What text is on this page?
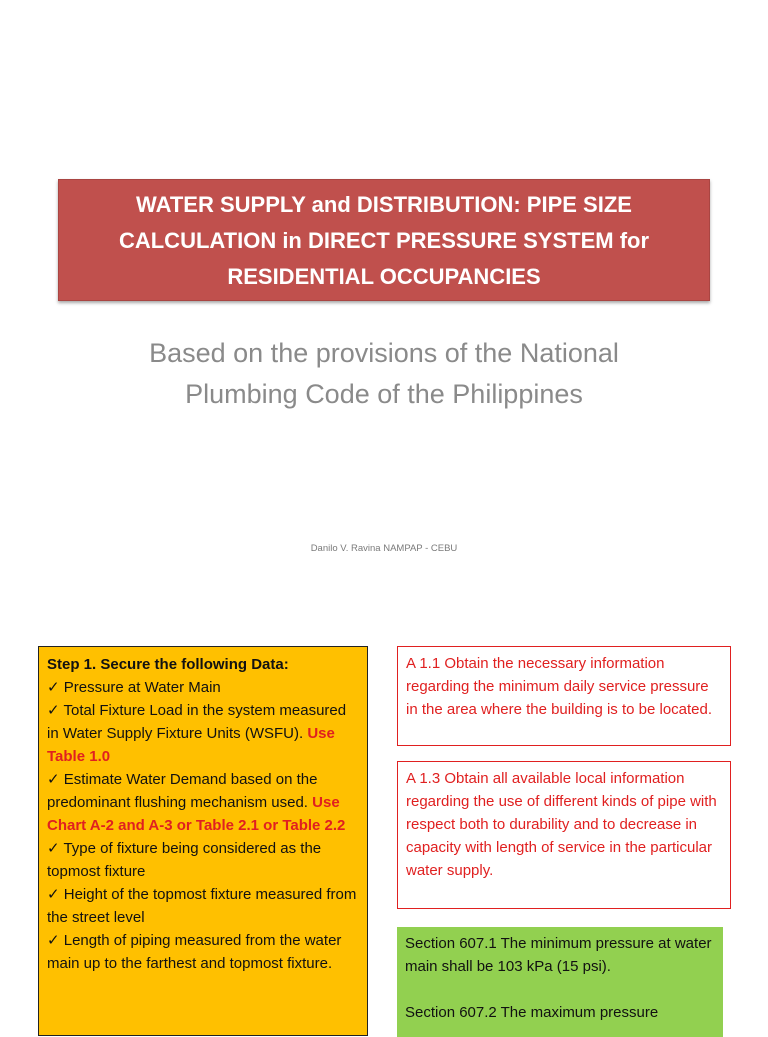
WATER SUPPLY and DISTRIBUTION: PIPE SIZE CALCULATION in DIRECT PRESSURE SYSTEM for RESIDENTIAL OCCUPANCIES
Based on the provisions of the National Plumbing Code of the Philippines
Danilo V. Ravina NAMPAP - CEBU

Step 1. Secure the following Data:

✓ Pressure at Water Main

✓ Total Fixture Load in the system measured in Water Supply Fixture Units (WSFU). Use Table 1.0

✓ Estimate Water Demand based on the predominant flushing mechanism used. Use Chart A-2 and A-3 or Table 2.1 or Table 2.2

✓ Type of fixture being considered as the topmost fixture

✓ Height of the topmost fixture measured from the street level

✓ Length of piping measured from the water main up to the farthest and topmost fixture.

A 1.1 Obtain the necessary information regarding the minimum daily service pressure in the area where the building is to be located.
A 1.3 Obtain all available local information regarding the use of different kinds of pipe with respect both to durability and to decrease in capacity with length of service in the particular water supply.

Section 607.1 The minimum pressure at water main shall be 103 kPa (15 psi).

Section 607.2 The maximum pressure
